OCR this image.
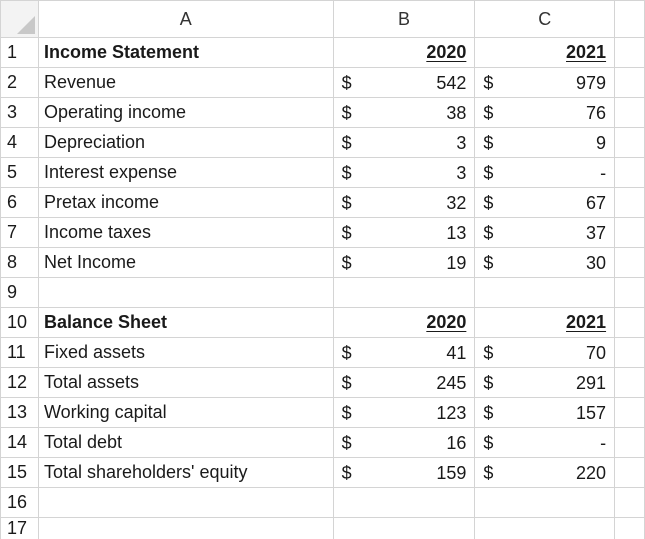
	A	B	C	
1	Income Statement	2020	2021	
2	Revenue	$ 542	$ 979	

3	Operating income	$ 38	$ 76	

4	Depreciation	$ 3	$ 9	

5	Interest expense	$ 3	$ -	

6	Pretax income	$ 32	$ 67	

7	Income taxes	$ 13	$ 37	

8	Net Income	$ 19	$ 30	

9				
10	Balance Sheet	2020	2021	
11	Fixed assets	$ 41	$ 70	

12	Total assets	$ 245	$ 291	

13	Working capital	$ 123	$ 157	

14	Total debt	$ 16	$ -	

15	Total shareholders' equity	$ 159	$ 220	

16				
17				
